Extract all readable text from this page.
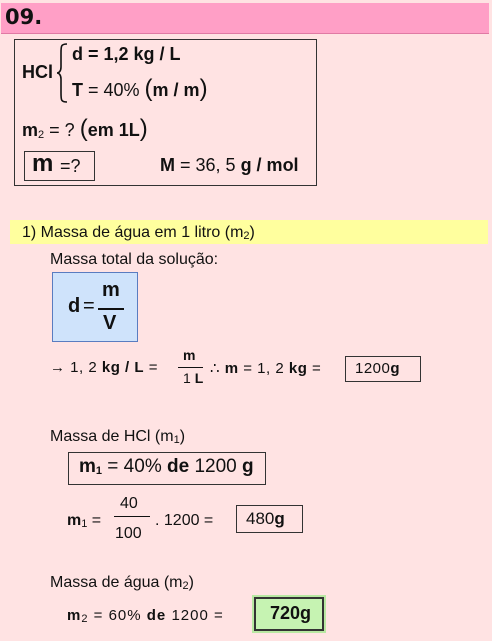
09.
HCl
d = 1,2 kg / L
T = 40% (m / m)
m2 = ? (em 1L)
m =?	M = 36, 5 g / mol
1) Massa de água em 1 litro (m2)
Massa total da solução:
d =
m
V
→ 1, 2 kg / L =
m
1 L
∴ m = 1, 2 kg = 1200g
Massa de HCl (m1)
m1 = 40% de 1200 g
m1 =
40
100
. 1200 = 480g
Massa de água (m2)
m2 = 60% de 1200 =	720g
